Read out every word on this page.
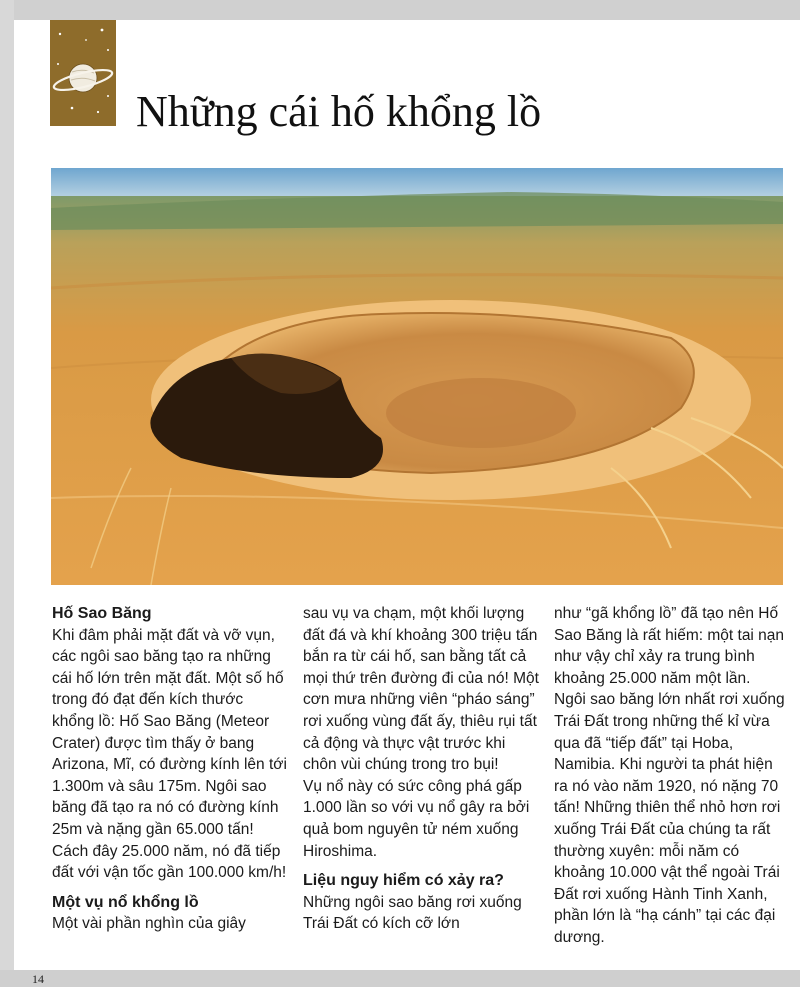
Những cái hố khổng lồ

Hố Sao Băng

Khi đâm phải mặt đất và vỡ vụn, các ngôi sao băng tạo ra những cái hố lớn trên mặt đất. Một số hố trong đó đạt đến kích thước khổng lồ: Hố Sao Băng (Meteor Crater) được tìm thấy ở bang Arizona, Mĩ, có đường kính lên tới 1.300m và sâu 175m. Ngôi sao băng đã tạo ra nó có đường kính 25m và nặng gần 65.000 tấn! Cách đây 25.000 năm, nó đã tiếp đất với vận tốc gần 100.000 km/h!

Một vụ nổ khổng lồ

Một vài phần nghìn của giây

sau vụ va chạm, một khối lượng đất đá và khí khoảng 300 triệu tấn bắn ra từ cái hố, san bằng tất cả mọi thứ trên đường đi của nó! Một cơn mưa những viên “pháo sáng” rơi xuống vùng đất ấy, thiêu rụi tất cả động và thực vật trước khi chôn vùi chúng trong tro bụi!

Vụ nổ này có sức công phá gấp 1.000 lần so với vụ nổ gây ra bởi quả bom nguyên tử ném xuống Hiroshima.

Liệu nguy hiểm có xảy ra?

Những ngôi sao băng rơi xuống Trái Đất có kích cỡ lớn

như “gã khổng lồ” đã tạo nên Hố Sao Băng là rất hiếm: một tai nạn như vậy chỉ xảy ra trung bình khoảng 25.000 năm một lần. Ngôi sao băng lớn nhất rơi xuống Trái Đất trong những thế kỉ vừa qua đã “tiếp đất” tại Hoba, Namibia. Khi người ta phát hiện ra nó vào năm 1920, nó nặng 70 tấn! Những thiên thể nhỏ hơn rơi xuống Trái Đất của chúng ta rất thường xuyên: mỗi năm có khoảng 10.000 vật thể ngoài Trái Đất rơi xuống Hành Tinh Xanh, phần lớn là “hạ cánh” tại các đại dương.

14
